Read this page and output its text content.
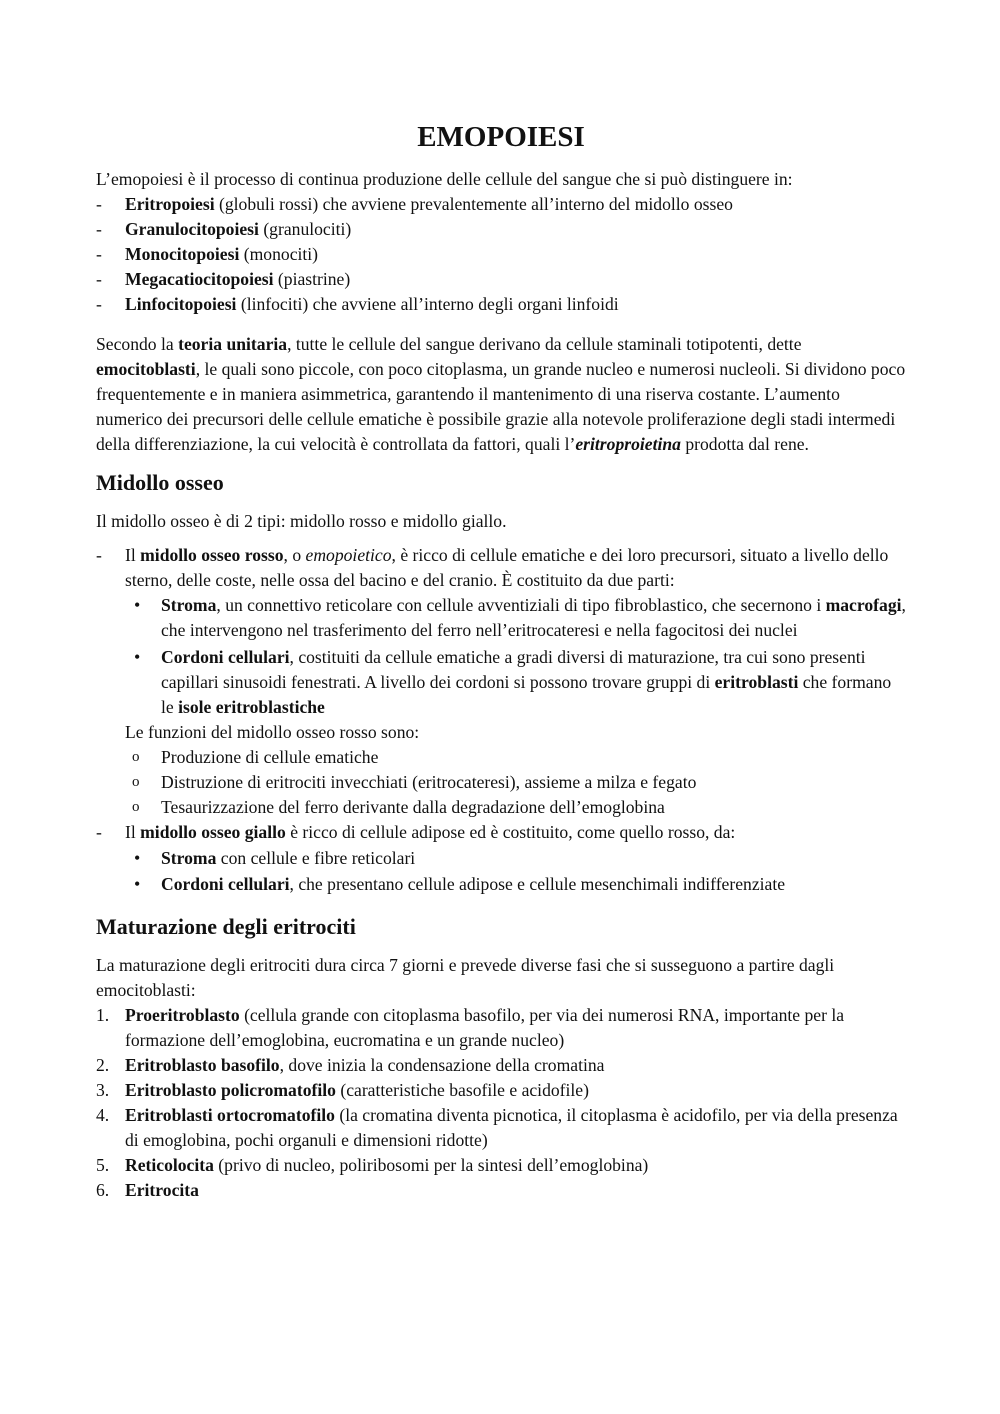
EMOPOIESI

L’emopoiesi è il processo di continua produzione delle cellule del sangue che si può distinguere in:

- Eritropoiesi (globuli rossi) che avviene prevalentemente all’interno del midollo osseo
- Granulocitopoiesi (granulociti)
- Monocitopoiesi (monociti)
- Megacatiocitopoiesi (piastrine)
- Linfocitopoiesi (linfociti) che avviene all’interno degli organi linfoidi

Secondo la teoria unitaria, tutte le cellule del sangue derivano da cellule staminali totipotenti, dette emocitoblasti, le quali sono piccole, con poco citoplasma, un grande nucleo e numerosi nucleoli. Si dividono poco frequentemente e in maniera asimmetrica, garantendo il mantenimento di una riserva costante. L’aumento numerico dei precursori delle cellule ematiche è possibile grazie alla notevole proliferazione degli stadi intermedi della differenziazione, la cui velocità è controllata da fattori, quali l’eritroproietina prodotta dal rene.

Midollo osseo

Il midollo osseo è di 2 tipi: midollo rosso e midollo giallo.

- Il midollo osseo rosso, o emopoietico, è ricco di cellule ematiche e dei loro precursori, situato a livello dello sterno, delle coste, nelle ossa del bacino e del cranio. È costituito da due parti:
• Stroma, un connettivo reticolare con cellule avventiziali di tipo fibroblastico, che secernono i macrofagi, che intervengono nel trasferimento del ferro nell’eritrocateresi e nella fagocitosi dei nuclei
• Cordoni cellulari, costituiti da cellule ematiche a gradi diversi di maturazione, tra cui sono presenti capillari sinusoidi fenestrati. A livello dei cordoni si possono trovare gruppi di eritroblasti che formano le isole eritroblastiche
Le funzioni del midollo osseo rosso sono:
o Produzione di cellule ematiche
o Distruzione di eritrociti invecchiati (eritrocateresi), assieme a milza e fegato
o Tesaurizzazione del ferro derivante dalla degradazione dell’emoglobina
- Il midollo osseo giallo è ricco di cellule adipose ed è costituito, come quello rosso, da:
• Stroma con cellule e fibre reticolari
• Cordoni cellulari, che presentano cellule adipose e cellule mesenchimali indifferenziate
Maturazione degli eritrociti

La maturazione degli eritrociti dura circa 7 giorni e prevede diverse fasi che si susseguono a partire dagli emocitoblasti:

1. Proeritroblasto (cellula grande con citoplasma basofilo, per via dei numerosi RNA, importante per la formazione dell’emoglobina, eucromatina e un grande nucleo)
2. Eritroblasto basofilo, dove inizia la condensazione della cromatina
3. Eritroblasto policromatofilo (caratteristiche basofile e acidofile)
4. Eritroblasti ortocromatofilo (la cromatina diventa picnotica, il citoplasma è acidofilo, per via della presenza di emoglobina, pochi organuli e dimensioni ridotte)
5. Reticolocita (privo di nucleo, poliribosomi per la sintesi dell’emoglobina)
6. Eritrocita
